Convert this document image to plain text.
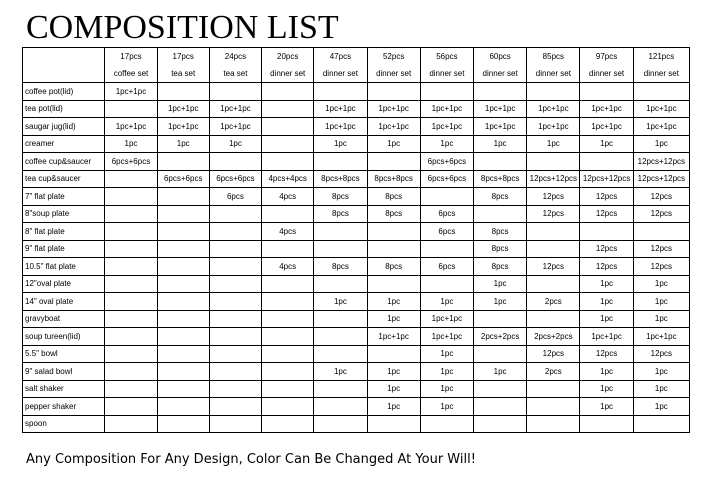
COMPOSITION LIST
	17pcs	17pcs	24pcs	20pcs	47pcs	52pcs	56pcs	60pcs	85pcs	97pcs	121pcs
	coffee set	tea set	tea set	dinner set	dinner set	dinner set	dinner set	dinner set	dinner set	dinner set	dinner set
coffee pot(lid)	1pc+1pc										
tea pot(lid)		1pc+1pc	1pc+1pc		1pc+1pc	1pc+1pc	1pc+1pc	1pc+1pc	1pc+1pc	1pc+1pc	1pc+1pc
saugar jug(lid)	1pc+1pc	1pc+1pc	1pc+1pc		1pc+1pc	1pc+1pc	1pc+1pc	1pc+1pc	1pc+1pc	1pc+1pc	1pc+1pc
creamer	1pc	1pc	1pc		1pc	1pc	1pc	1pc	1pc	1pc	1pc
coffee cup&saucer	6pcs+6pcs						6pcs+6pcs				12pcs+12pcs
tea cup&saucer		6pcs+6pcs	6pcs+6pcs	4pcs+4pcs	8pcs+8pcs	8pcs+8pcs	6pcs+6pcs	8pcs+8pcs	12pcs+12pcs	12pcs+12pcs	12pcs+12pcs
7" flat plate			6pcs	4pcs	8pcs	8pcs		8pcs	12pcs	12pcs	12pcs
8"soup plate					8pcs	8pcs	6pcs		12pcs	12pcs	12pcs
8" flat plate				4pcs			6pcs	8pcs			
9" flat plate								8pcs		12pcs	12pcs
10.5" flat plate				4pcs	8pcs	8pcs	6pcs	8pcs	12pcs	12pcs	12pcs
12"oval plate								1pc		1pc	1pc
14" oval plate					1pc	1pc	1pc	1pc	2pcs	1pc	1pc
gravyboat						1pc	1pc+1pc			1pc	1pc
soup tureen(lid)						1pc+1pc	1pc+1pc	2pcs+2pcs	2pcs+2pcs	1pc+1pc	1pc+1pc
5.5" bowl							1pc		12pcs	12pcs	12pcs
9" salad bowl					1pc	1pc	1pc	1pc	2pcs	1pc	1pc
salt shaker						1pc	1pc			1pc	1pc
pepper shaker						1pc	1pc			1pc	1pc
spoon											
Any Composition For Any Design, Color Can Be Changed At Your Will!
